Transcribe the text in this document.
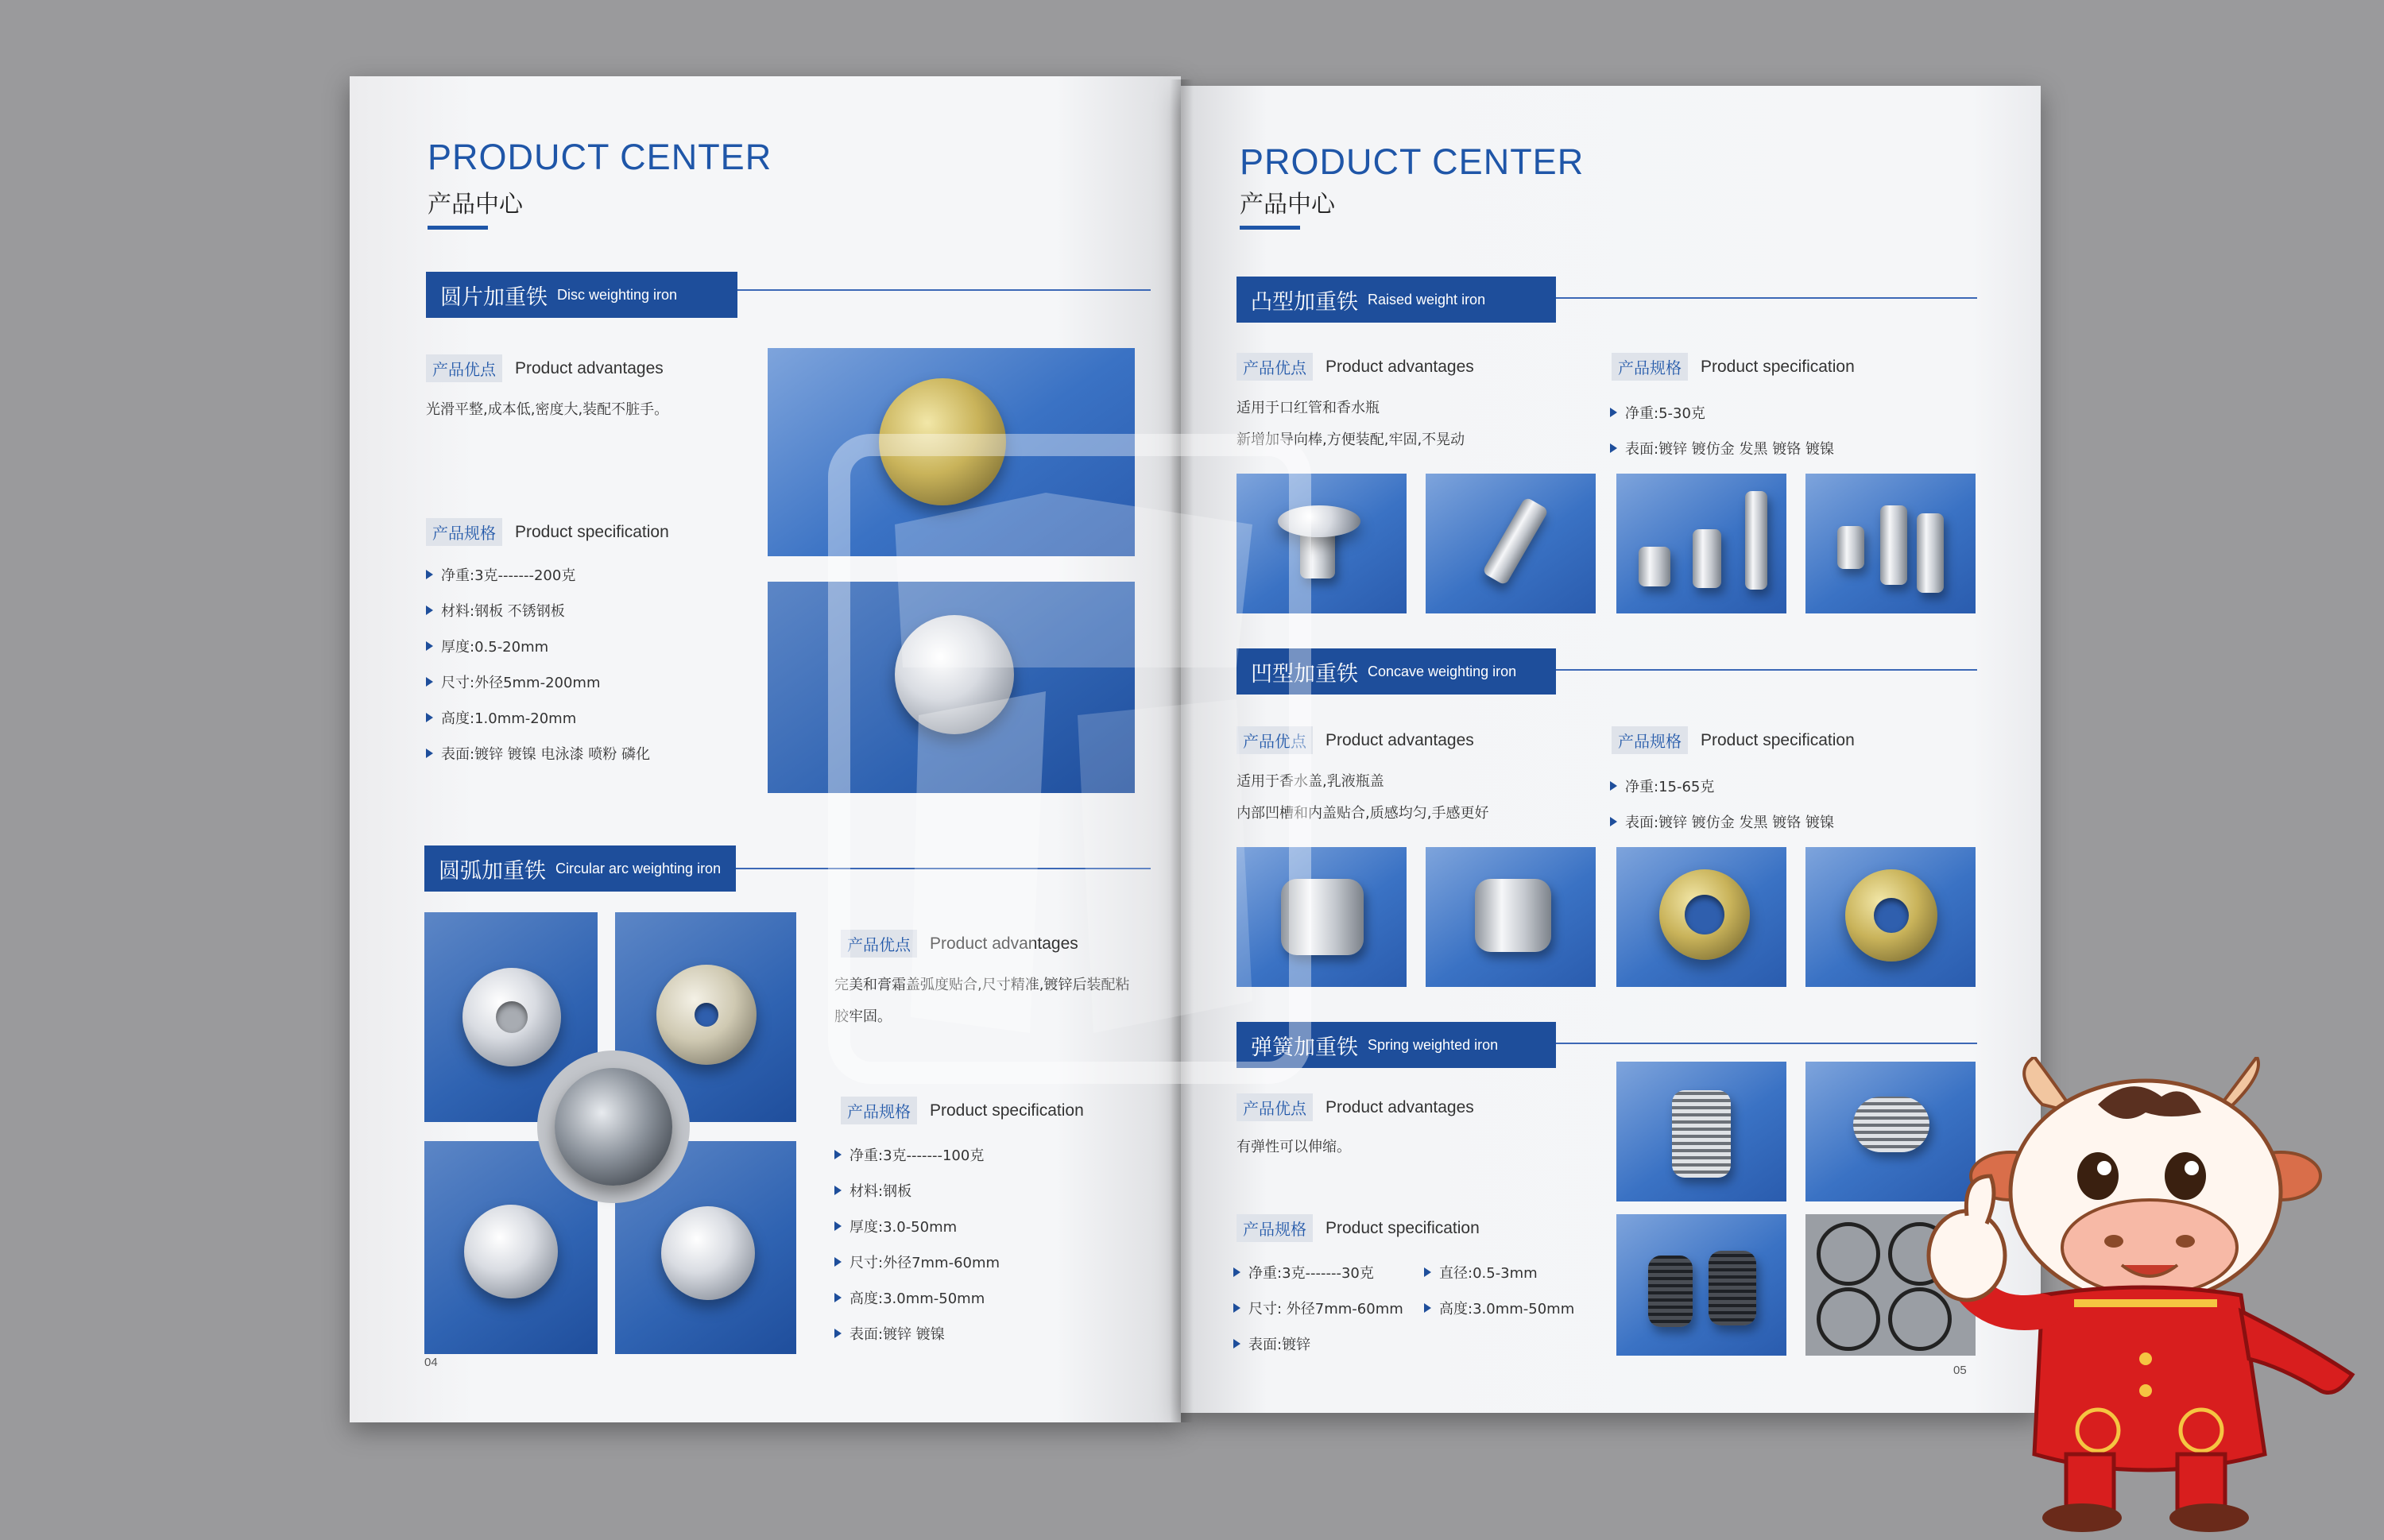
PRODUCT CENTER
产品中心
圆片加重铁 Disc weighting iron
产品优点	Product advantages
光滑平整,成本低,密度大,装配不脏手。
产品规格	Product specification
净重:3克-------200克
材料:钢板 不锈钢板
厚度:0.5-20mm
尺寸:外径5mm-200mm
高度:1.0mm-20mm
表面:镀锌 镀镍 电泳漆 喷粉 磷化
圆弧加重铁 Circular arc weighting iron
产品优点	Product advantages
完美和膏霜盖弧度贴合,尺寸精准,镀锌后装配粘
胶牢固。
产品规格	Product specification
净重:3克-------100克
材料:钢板
厚度:3.0-50mm
尺寸:外径7mm-60mm
高度:3.0mm-50mm
表面:镀锌 镀镍
04
PRODUCT CENTER
产品中心
凸型加重铁 Raised weight iron
产品优点	Product advantages
适用于口红管和香水瓶
新增加导向棒,方便装配,牢固,不晃动
产品规格	Product specification
净重:5-30克
表面:镀锌 镀仿金 发黑 镀铬 镀镍
凹型加重铁 Concave weighting iron
产品优点	Product advantages
适用于香水盖,乳液瓶盖
内部凹槽和内盖贴合,质感均匀,手感更好
产品规格	Product specification
净重:15-65克
表面:镀锌 镀仿金 发黑 镀铬 镀镍
弹簧加重铁 Spring weighted iron
产品优点	Product advantages
有弹性可以伸缩。
产品规格	Product specification
净重:3克-------30克
尺寸: 外径7mm-60mm
表面:镀锌
直径:0.5-3mm
高度:3.0mm-50mm
05
